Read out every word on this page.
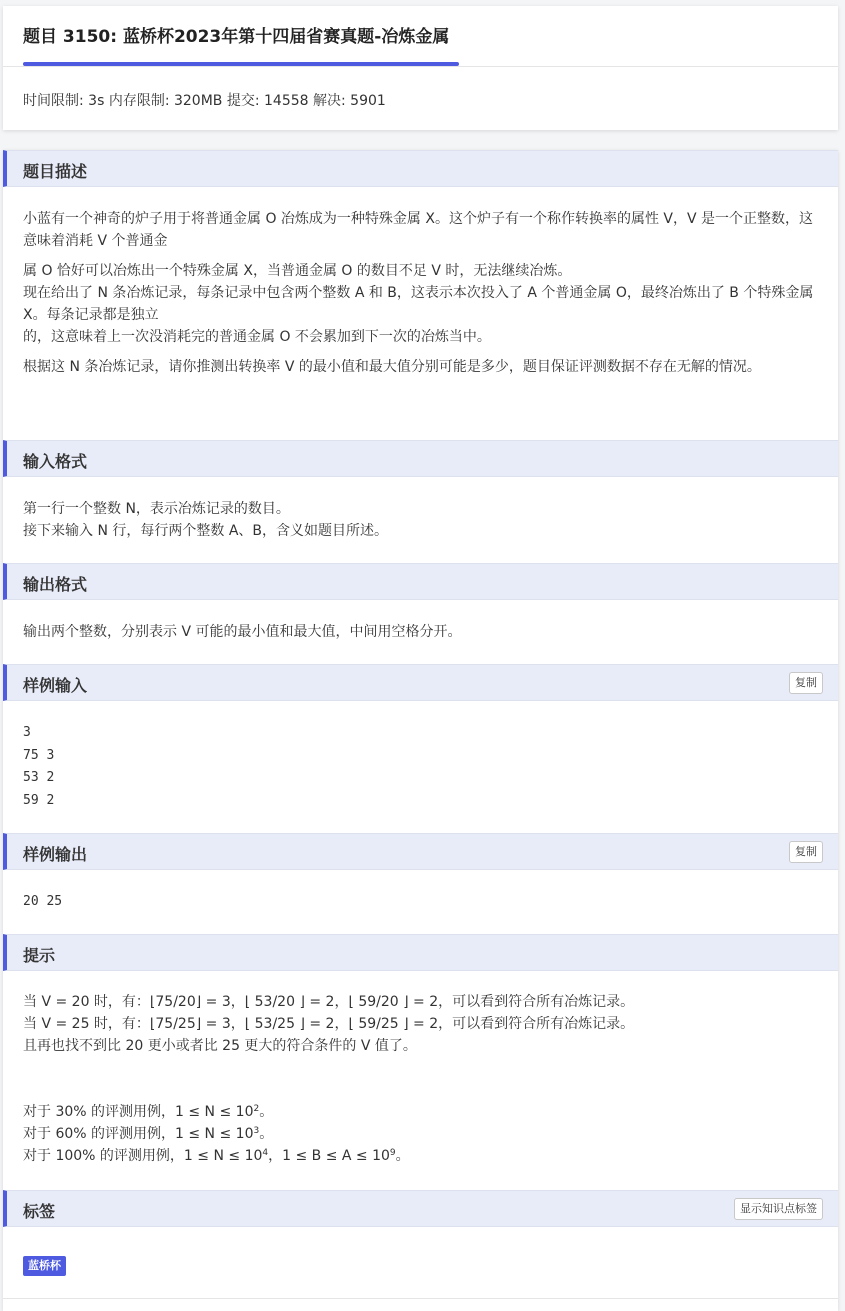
题目 3150: 蓝桥杯2023年第十四届省赛真题-冶炼金属
时间限制: 3s 内存限制: 320MB 提交: 14558 解决: 5901
题目描述

小蓝有一个神奇的炉子用于将普通金属 O 冶炼成为一种特殊金属 X。这个炉子有一个称作转换率的属性 V，V 是一个正整数，这意味着消耗 V 个普通金

属 O 恰好可以冶炼出一个特殊金属 X，当普通金属 O 的数目不足 V 时，无法继续冶炼。
现在给出了 N 条冶炼记录，每条记录中包含两个整数 A 和 B，这表示本次投入了 A 个普通金属 O，最终冶炼出了 B 个特殊金属 X。每条记录都是独立
的，这意味着上一次没消耗完的普通金属 O 不会累加到下一次的冶炼当中。

根据这 N 条冶炼记录，请你推测出转换率 V 的最小值和最大值分别可能是多少，题目保证评测数据不存在无解的情况。

输入格式
第一行一个整数 N，表示冶炼记录的数目。
接下来输入 N 行，每行两个整数 A、B，含义如题目所述。
输出格式
输出两个整数，分别表示 V 可能的最小值和最大值，中间用空格分开。
样例输入	复制
3
75 3
53 2
59 2
样例输出	复制
20 25
提示
当 V = 20 时，有：⌊75/20⌋ = 3，⌊ 53/20 ⌋ = 2，⌊ 59/20 ⌋ = 2，可以看到符合所有冶炼记录。
当 V = 25 时，有：⌊75/25⌋ = 3，⌊ 53/25 ⌋ = 2，⌊ 59/25 ⌋ = 2，可以看到符合所有冶炼记录。
且再也找不到比 20 更小或者比 25 更大的符合条件的 V 值了。
对于 30% 的评测用例，$1 \le N \le 10^2$。
对于 60% 的评测用例，$1 \le N \le 10^3$。
对于 100% 的评测用例，$1 \le N \le 10^4$，$1 \le B \le A \le 10^9$。
标签	显示知识点标签
蓝桥杯
